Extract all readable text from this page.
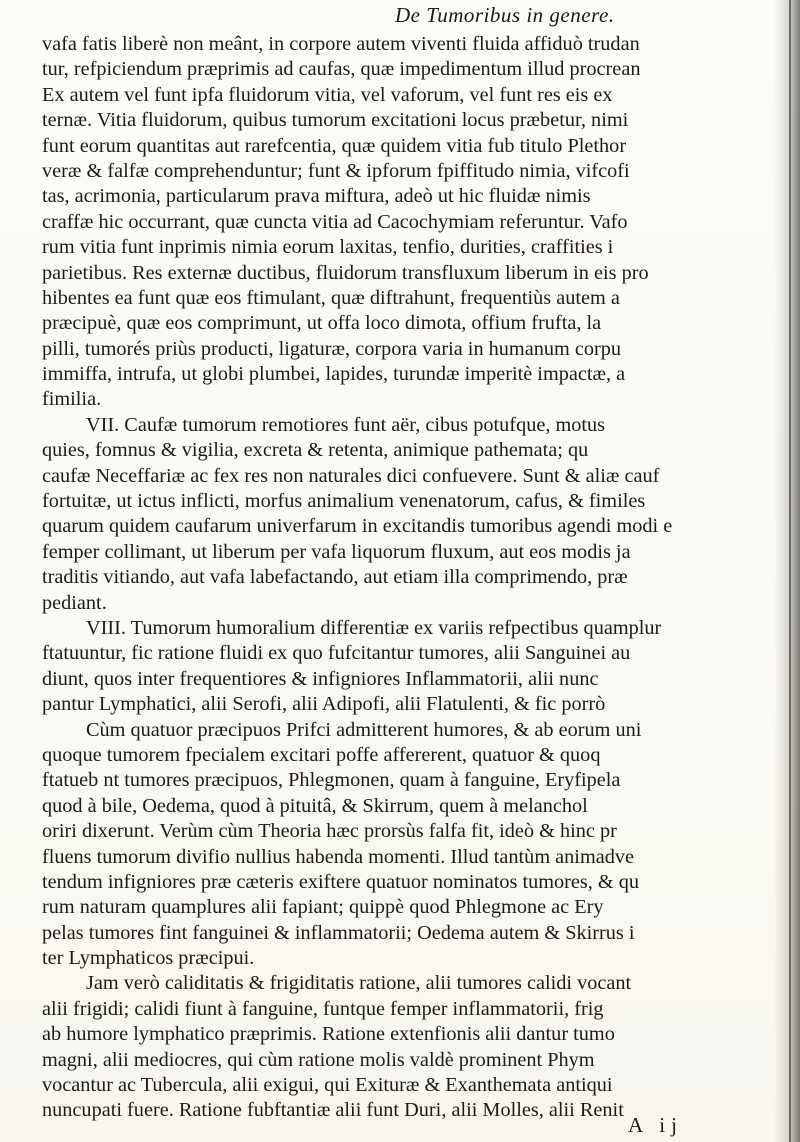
De Tumoribus in genere.
vafa fatis liberè non meânt, in corpore autem viventi fluida affiduò trudan
tur, refpiciendum præprimis ad caufas, quæ impedimentum illud procrean
Ex autem vel funt ipfa fluidorum vitia, vel vaforum, vel funt res eis ex
ternæ. Vitia fluidorum, quibus tumorum excitationi locus præbetur, nimi
funt eorum quantitas aut rarefcentia, quæ quidem vitia fub titulo Plethor
veræ & falfæ comprehenduntur; funt & ipforum fpiffitudo nimia, vifcofi
tas, acrimonia, particularum prava miftura, adeò ut hic fluidæ nimis
craffæ hic occurrant, quæ cunctа vitia ad Cacochymiam referuntur. Vafo
rum vitia funt inprimis nimia eorum laxitas, tenfio, durities, craffities i
parietibus. Res externæ ductibus, fluidorum transfluxum liberum in eis pro
hibentes ea funt quæ eos ftimulant, quæ diftrahunt, frequentiùs autem a
præcipuè, quæ eos comprimunt, ut offa loco dimota, offium frufta, la
pilli, tumorés priùs producti, ligaturæ, corpora varia in humanum corpu
immiffa, intrufa, ut globi plumbei, lapides, turundæ imperitè impactæ, a
fimilia.
VII. Caufæ tumorum remotiores funt aër, cibus potufque, motus
quies, fomnus & vigilia, excreta & retenta, animique pathemata; qu
caufæ Neceffariæ ac fex res non naturales dici confuevere. Sunt & aliæ cauf
fortuitæ, ut ictus inflicti, morfus animalium venenatorum, cafus, & fimiles
quarum quidem caufarum univerfarum in excitandis tumoribus agendi modi e
femper collimant, ut liberum per vafa liquorum fluxum, aut eos modis ja
traditis vitiando, aut vafa labefactando, aut etiam illa comprimendo, præ
pediant.
VIII. Tumorum humoralium differentiæ ex variis refpectibus quamplur
ftatuuntur, fic ratione fluidi ex quo fufcitantur tumores, alii Sanguinei au
diunt, quos inter frequentiores & infigniores Inflammatorii, alii nunc
pantur Lymphatici, alii Serofi, alii Adipofi, alii Flatulenti, & fic porrò
Cùm quatuor præcipuos Prifci admitterent humores, & ab eorum uni
quoque tumorem fpecialem excitari poffe affererent, quatuor & quoq
ftatueb nt tumores præcipuos, Phlegmonen, quam à fanguine, Eryfipela
quod à bile, Oedema, quod à pituitâ, & Skirrum, quem à melanchol
oriri dixerunt. Verùm cùm Theoria hæc prorsùs falfa fit, ideò & hinc pr
fluens tumorum divifio nullius habenda momenti. Illud tantùm animadve
tendum infigniores præ cæteris exiftere quatuor nominatos tumores, & qu
rum naturam quamplures alii fapiant; quippè quod Phlegmone ac Ery
pelas tumores fint fanguinei & inflammatorii; Oedema autem & Skirrus i
ter Lymphaticos præcipui.
Jam verò caliditatis & frigiditatis ratione, alii tumores calidi vocant
alii frigidi; calidi fiunt à fanguine, funtque femper inflammatorii, frig
ab humore lymphatico præprimis. Ratione extenfionis alii dantur tumo
magni, alii mediocres, qui cùm ratione molis valdè prominent Phym
vocantur ac Tubercula, alii exigui, qui Exituræ & Exanthemata antiqui
nuncupati fuere. Ratione fubftantiæ alii funt Duri, alii Molles, alii Renit
A ij
